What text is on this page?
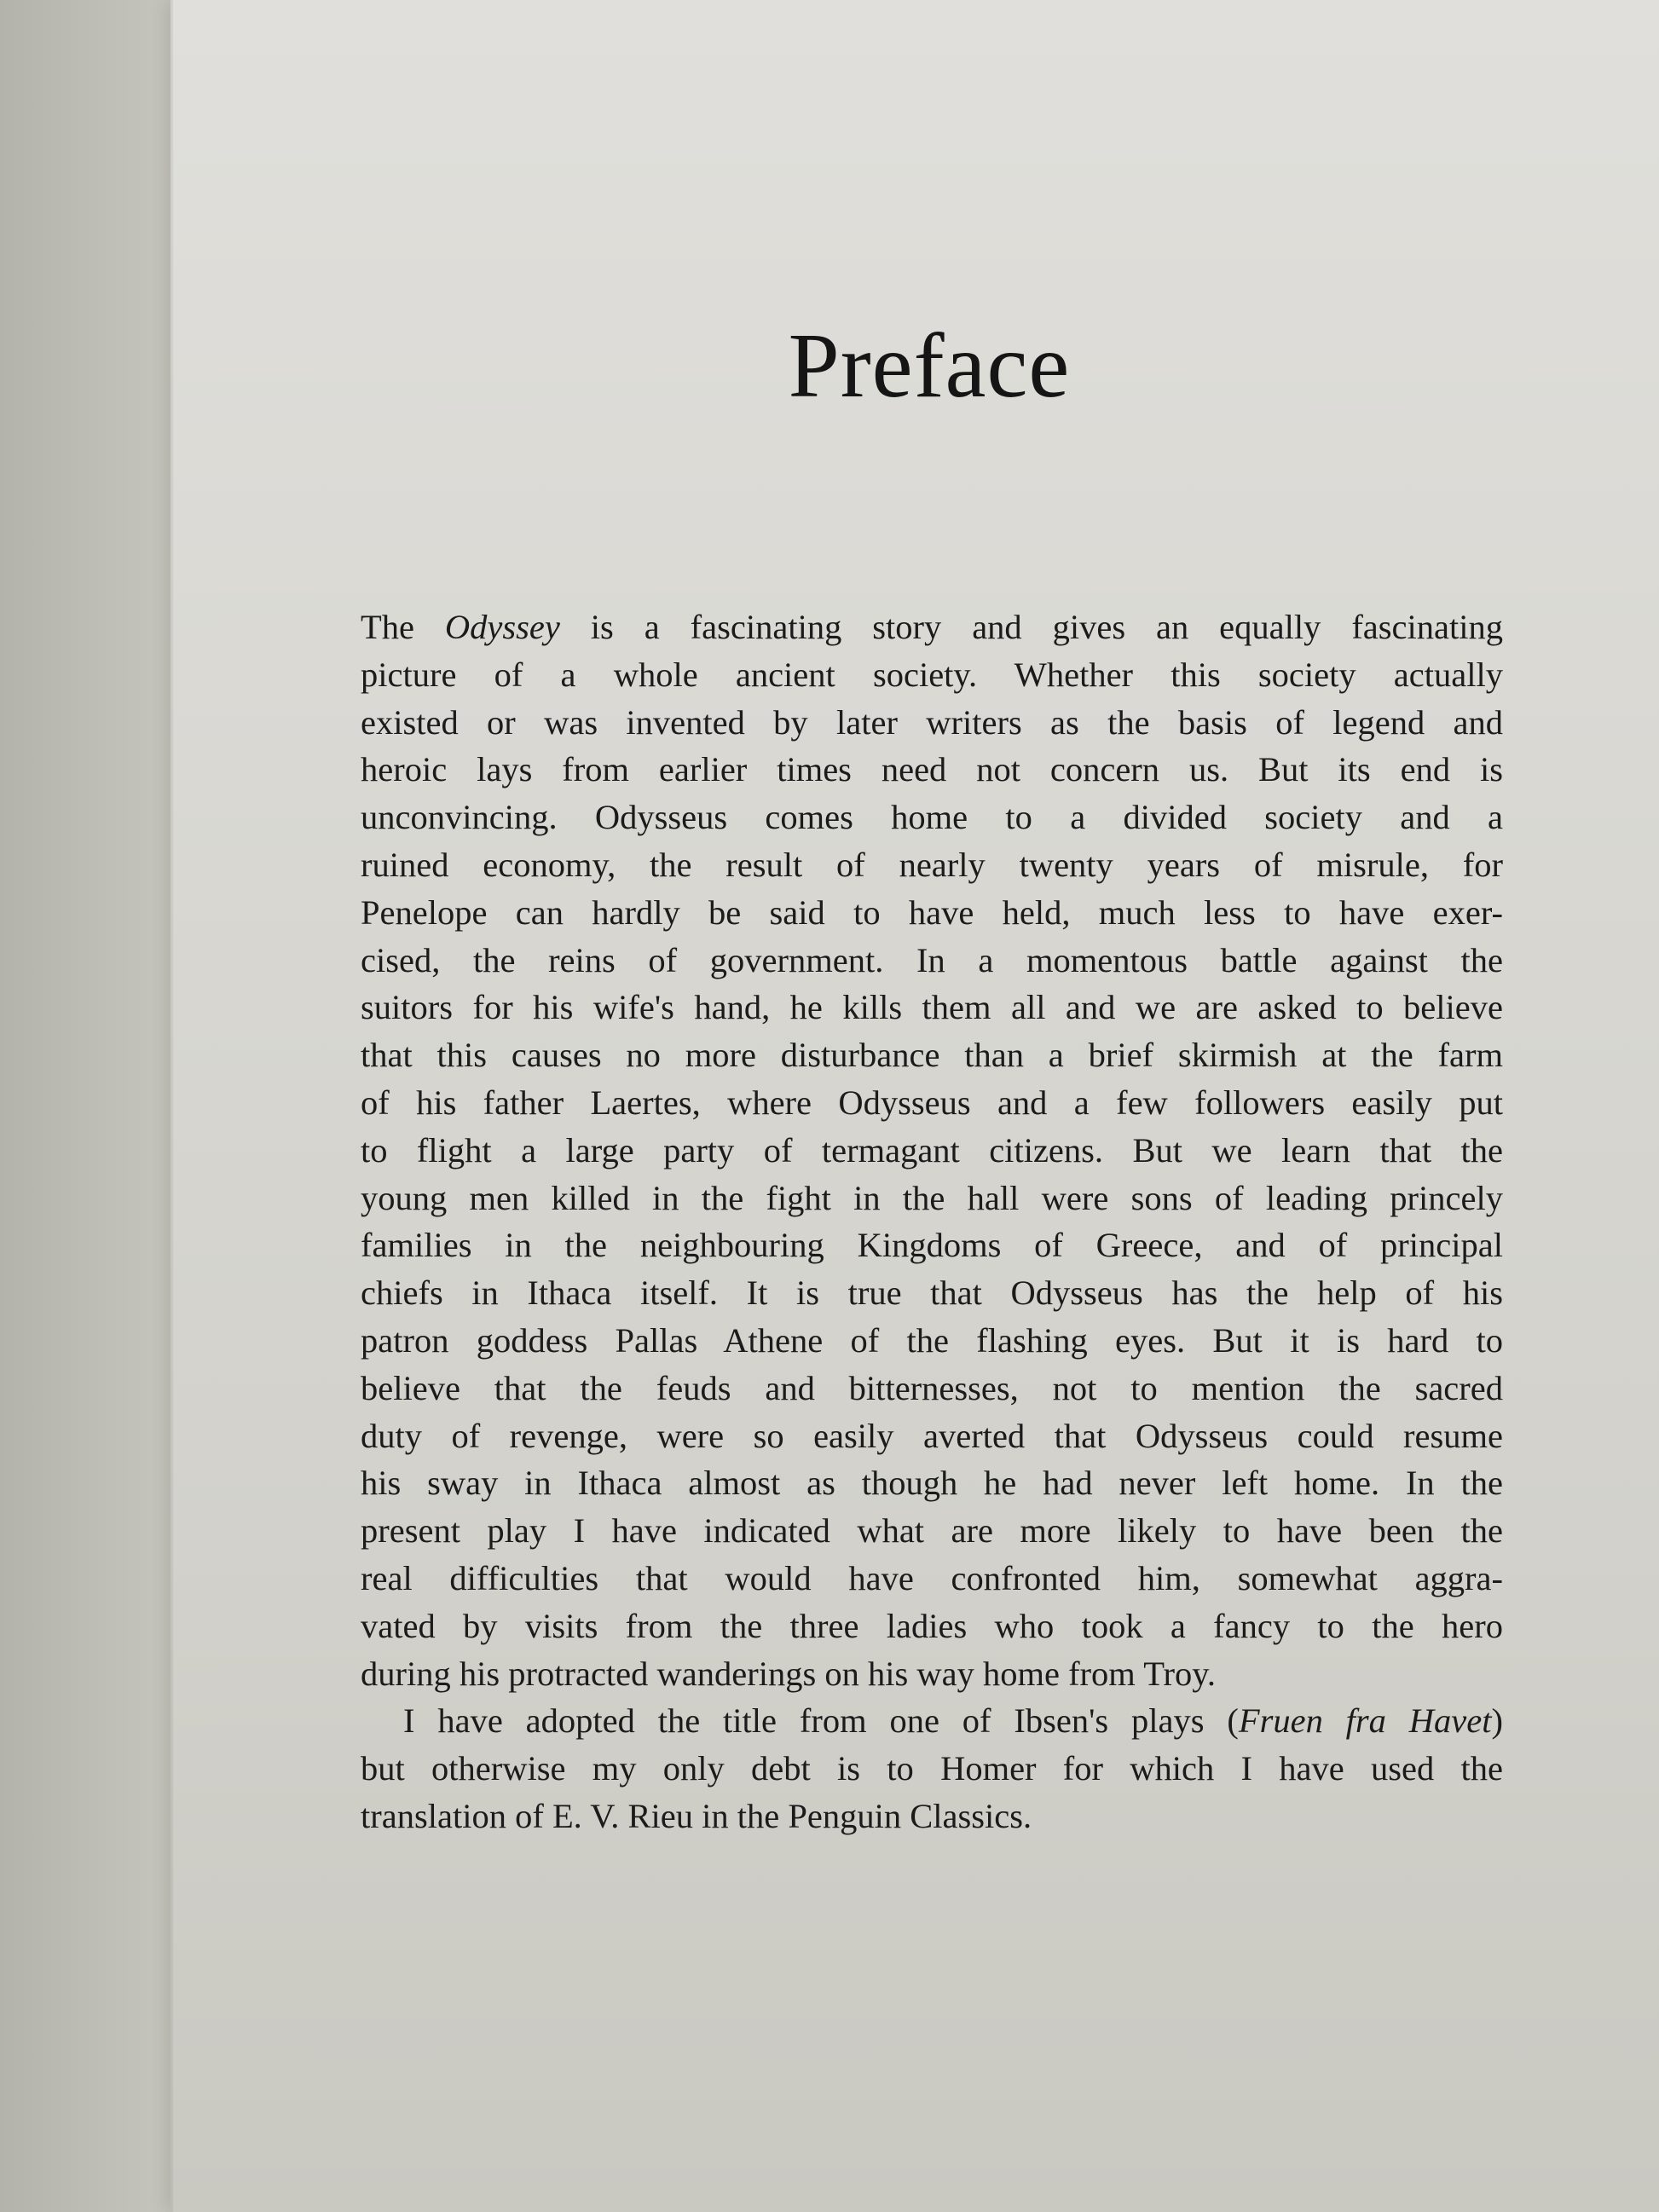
Preface
The Odyssey is a fascinating story and gives an equally fascinating
picture of a whole ancient society. Whether this society actually
existed or was invented by later writers as the basis of legend and
heroic lays from earlier times need not concern us. But its end is
unconvincing. Odysseus comes home to a divided society and a
ruined economy, the result of nearly twenty years of misrule, for
Penelope can hardly be said to have held, much less to have exer-
cised, the reins of government. In a momentous battle against the
suitors for his wife's hand, he kills them all and we are asked to believe
that this causes no more disturbance than a brief skirmish at the farm
of his father Laertes, where Odysseus and a few followers easily put
to flight a large party of termagant citizens. But we learn that the
young men killed in the fight in the hall were sons of leading princely
families in the neighbouring Kingdoms of Greece, and of principal
chiefs in Ithaca itself. It is true that Odysseus has the help of his
patron goddess Pallas Athene of the flashing eyes. But it is hard to
believe that the feuds and bitternesses, not to mention the sacred
duty of revenge, were so easily averted that Odysseus could resume
his sway in Ithaca almost as though he had never left home. In the
present play I have indicated what are more likely to have been the
real difficulties that would have confronted him, somewhat aggra-
vated by visits from the three ladies who took a fancy to the hero
during his protracted wanderings on his way home from Troy.
I have adopted the title from one of Ibsen's plays (Fruen fra Havet)
but otherwise my only debt is to Homer for which I have used the
translation of E. V. Rieu in the Penguin Classics.
